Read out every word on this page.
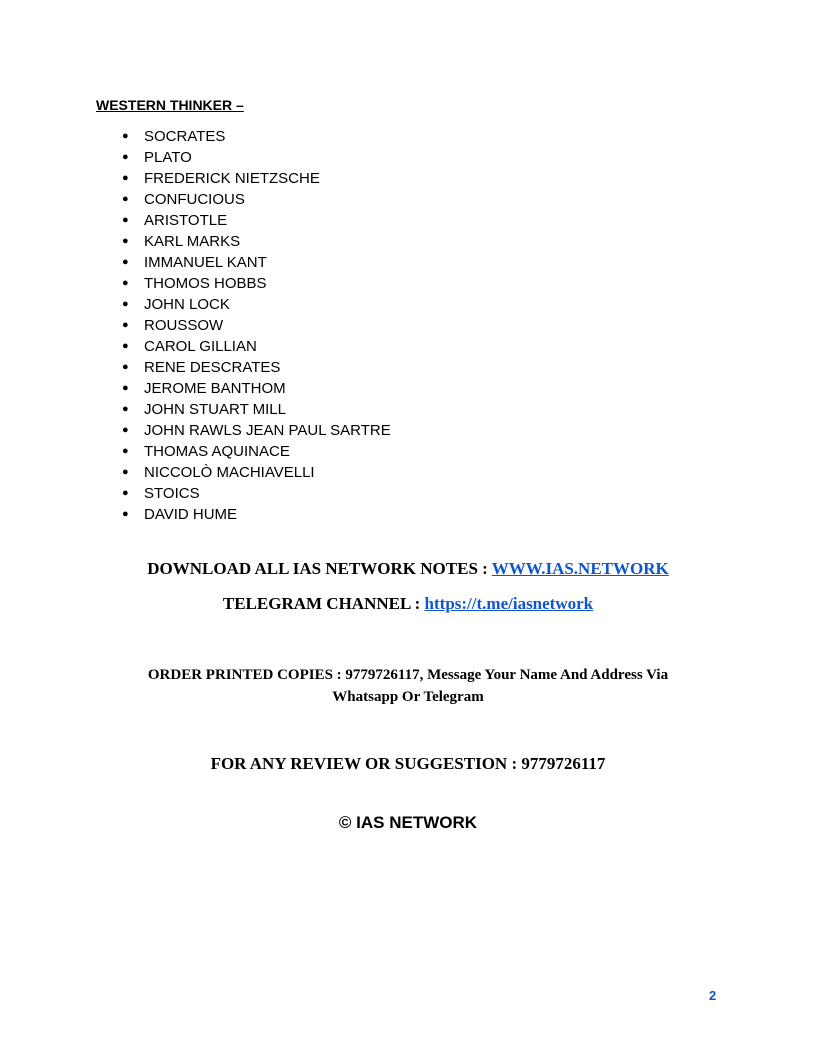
WESTERN THINKER –
● SOCRATES
● PLATO
● FREDERICK NIETZSCHE
● CONFUCIOUS
● ARISTOTLE
● KARL MARKS
● IMMANUEL KANT
● THOMOS HOBBS
● JOHN LOCK
● ROUSSOW
● CAROL GILLIAN
● RENE DESCRATES
● JEROME BANTHOM
● JOHN STUART MILL
● JOHN RAWLS JEAN PAUL SARTRE
● THOMAS AQUINACE
● NICCOLÒ MACHIAVELLI
● STOICS
● DAVID HUME

DOWNLOAD ALL IAS NETWORK NOTES : WWW.IAS.NETWORK

TELEGRAM CHANNEL : https://t.me/iasnetwork

ORDER PRINTED COPIES : 9779726117, Message Your Name And Address Via
Whatsapp Or Telegram

FOR ANY REVIEW OR SUGGESTION : 9779726117

© IAS NETWORK

2
